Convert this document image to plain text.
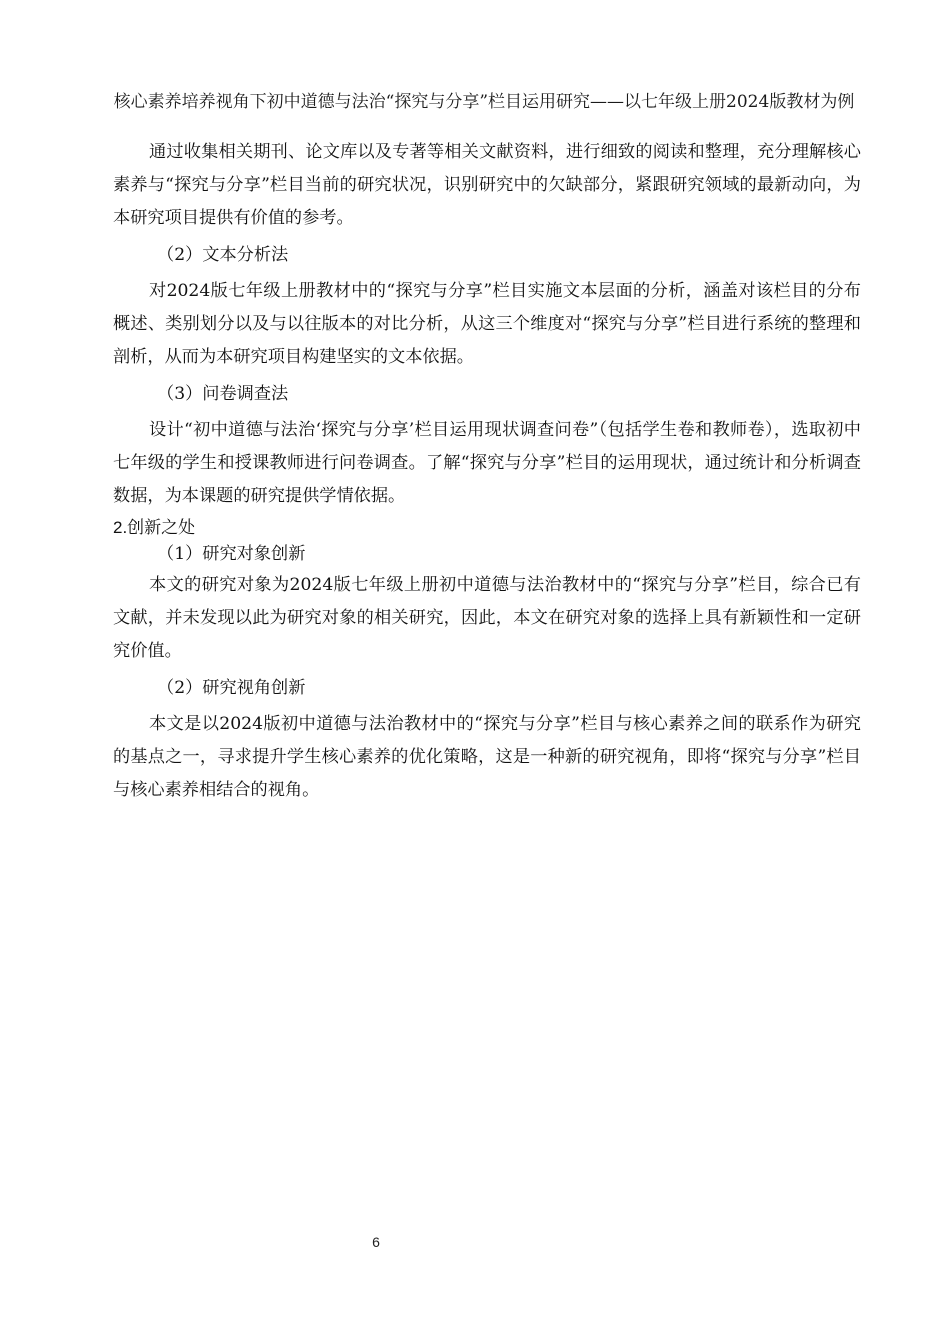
核心素养培养视角下初中道德与法治“探究与分享”栏目运用研究——以七年级上册2024版教材为例

通过收集相关期刊、论文库以及专著等相关文献资料，进行细致的阅读和整理，充分理解核心素养与“探究与分享”栏目当前的研究状况，识别研究中的欠缺部分，紧跟研究领域的最新动向，为本研究项目提供有价值的参考。

（2）文本分析法

对2024版七年级上册教材中的“探究与分享”栏目实施文本层面的分析，涵盖对该栏目的分布概述、类别划分以及与以往版本的对比分析，从这三个维度对“探究与分享”栏目进行系统的整理和剖析，从而为本研究项目构建坚实的文本依据。

（3）问卷调查法

设计“初中道德与法治‘探究与分享’栏目运用现状调查问卷”（包括学生卷和教师卷），选取初中七年级的学生和授课教师进行问卷调查。了解“探究与分享”栏目的运用现状，通过统计和分析调查数据，为本课题的研究提供学情依据。

2.创新之处

（1）研究对象创新

本文的研究对象为2024版七年级上册初中道德与法治教材中的“探究与分享”栏目，综合已有文献，并未发现以此为研究对象的相关研究，因此，本文在研究对象的选择上具有新颖性和一定研究价值。

（2）研究视角创新

本文是以2024版初中道德与法治教材中的“探究与分享”栏目与核心素养之间的联系作为研究的基点之一，寻求提升学生核心素养的优化策略，这是一种新的研究视角，即将“探究与分享”栏目与核心素养相结合的视角。

6
